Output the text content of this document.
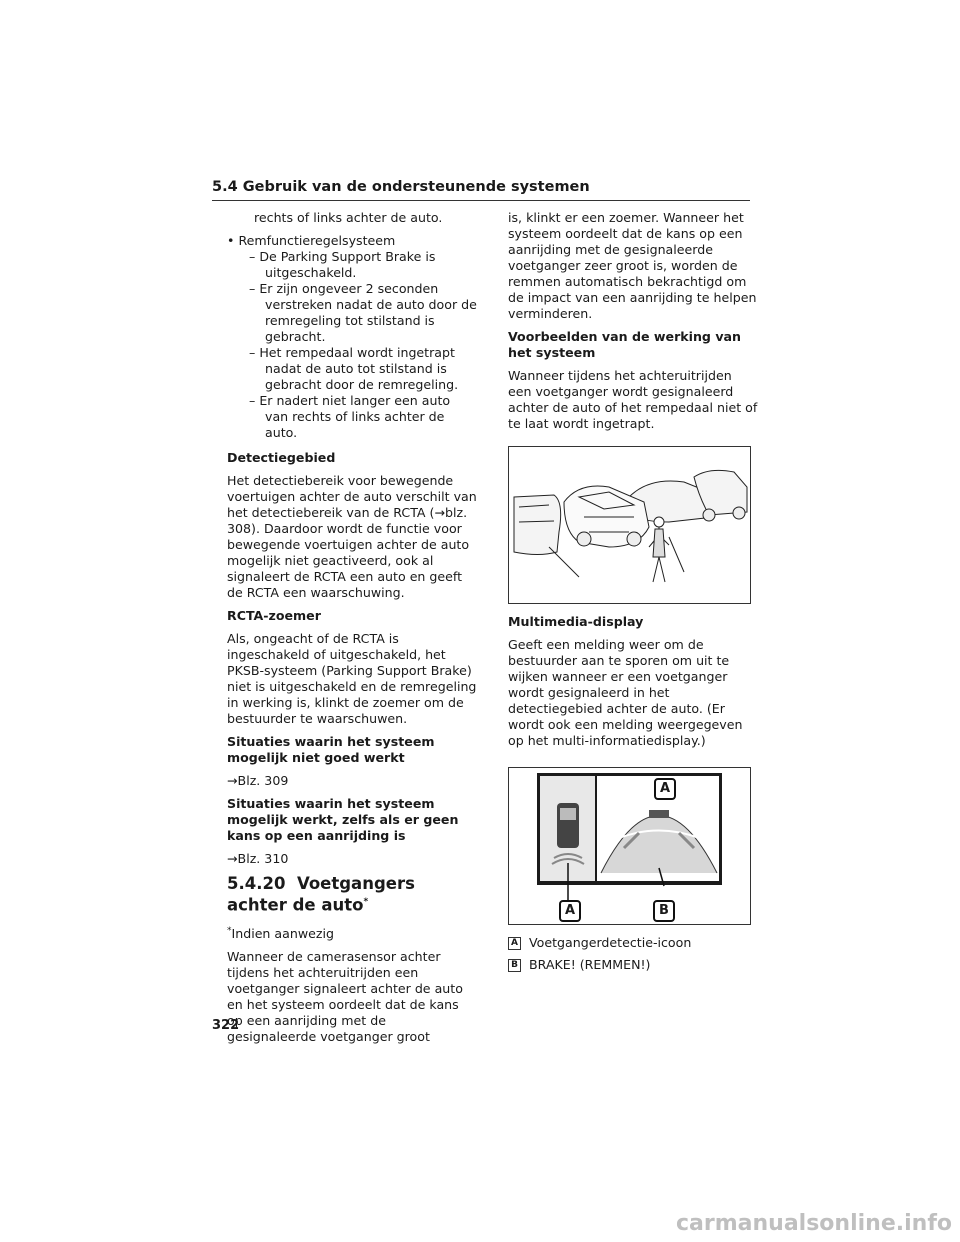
5.4 Gebruik van de ondersteunende systemen

rechts of links achter de auto.

• Remfunctieregelsysteem
– De Parking Support Brake is uitgeschakeld.
– Er zijn ongeveer 2 seconden verstreken nadat de auto door de remregeling tot stilstand is gebracht.
– Het rempedaal wordt ingetrapt nadat de auto tot stilstand is gebracht door de remregeling.
– Er nadert niet langer een auto van rechts of links achter de auto.

Detectiegebied

Het detectiebereik voor bewegende voertuigen achter de auto verschilt van het detectiebereik van de RCTA (→blz. 308). Daardoor wordt de functie voor bewegende voertuigen achter de auto mogelijk niet geactiveerd, ook al signaleert de RCTA een auto en geeft de RCTA een waarschuwing.

RCTA-zoemer

Als, ongeacht of de RCTA is ingeschakeld of uitgeschakeld, het PKSB-systeem (Parking Support Brake) niet is uitgeschakeld en de remregeling in werking is, klinkt de zoemer om de bestuurder te waarschuwen.

Situaties waarin het systeem mogelijk niet goed werkt

→Blz. 309

Situaties waarin het systeem mogelijk werkt, zelfs als er geen kans op een aanrijding is

→Blz. 310

5.4.20 Voetgangers achter de auto*

*Indien aanwezig

Wanneer de camerasensor achter tijdens het achteruitrijden een voetganger signaleert achter de auto en het systeem oordeelt dat de kans op een aanrijding met de gesignaleerde voetganger groot

is, klinkt er een zoemer. Wanneer het systeem oordeelt dat de kans op een aanrijding met de gesignaleerde voetganger zeer groot is, worden de remmen automatisch bekrachtigd om de impact van een aanrijding te helpen verminderen.

Voorbeelden van de werking van het systeem

Wanneer tijdens het achteruitrijden een voetganger wordt gesignaleerd achter de auto of het rempedaal niet of te laat wordt ingetrapt.

Multimedia-display

Geeft een melding weer om de bestuurder aan te sporen om uit te wijken wanneer er een voetganger wordt gesignaleerd in het detectiegebied achter de auto. (Er wordt ook een melding weergegeven op het multi-informatiedisplay.)

A
A	B
A Voetgangerdetectie-icoon
B BRAKE! (REMMEN!)
322
carmanualsonline.info
